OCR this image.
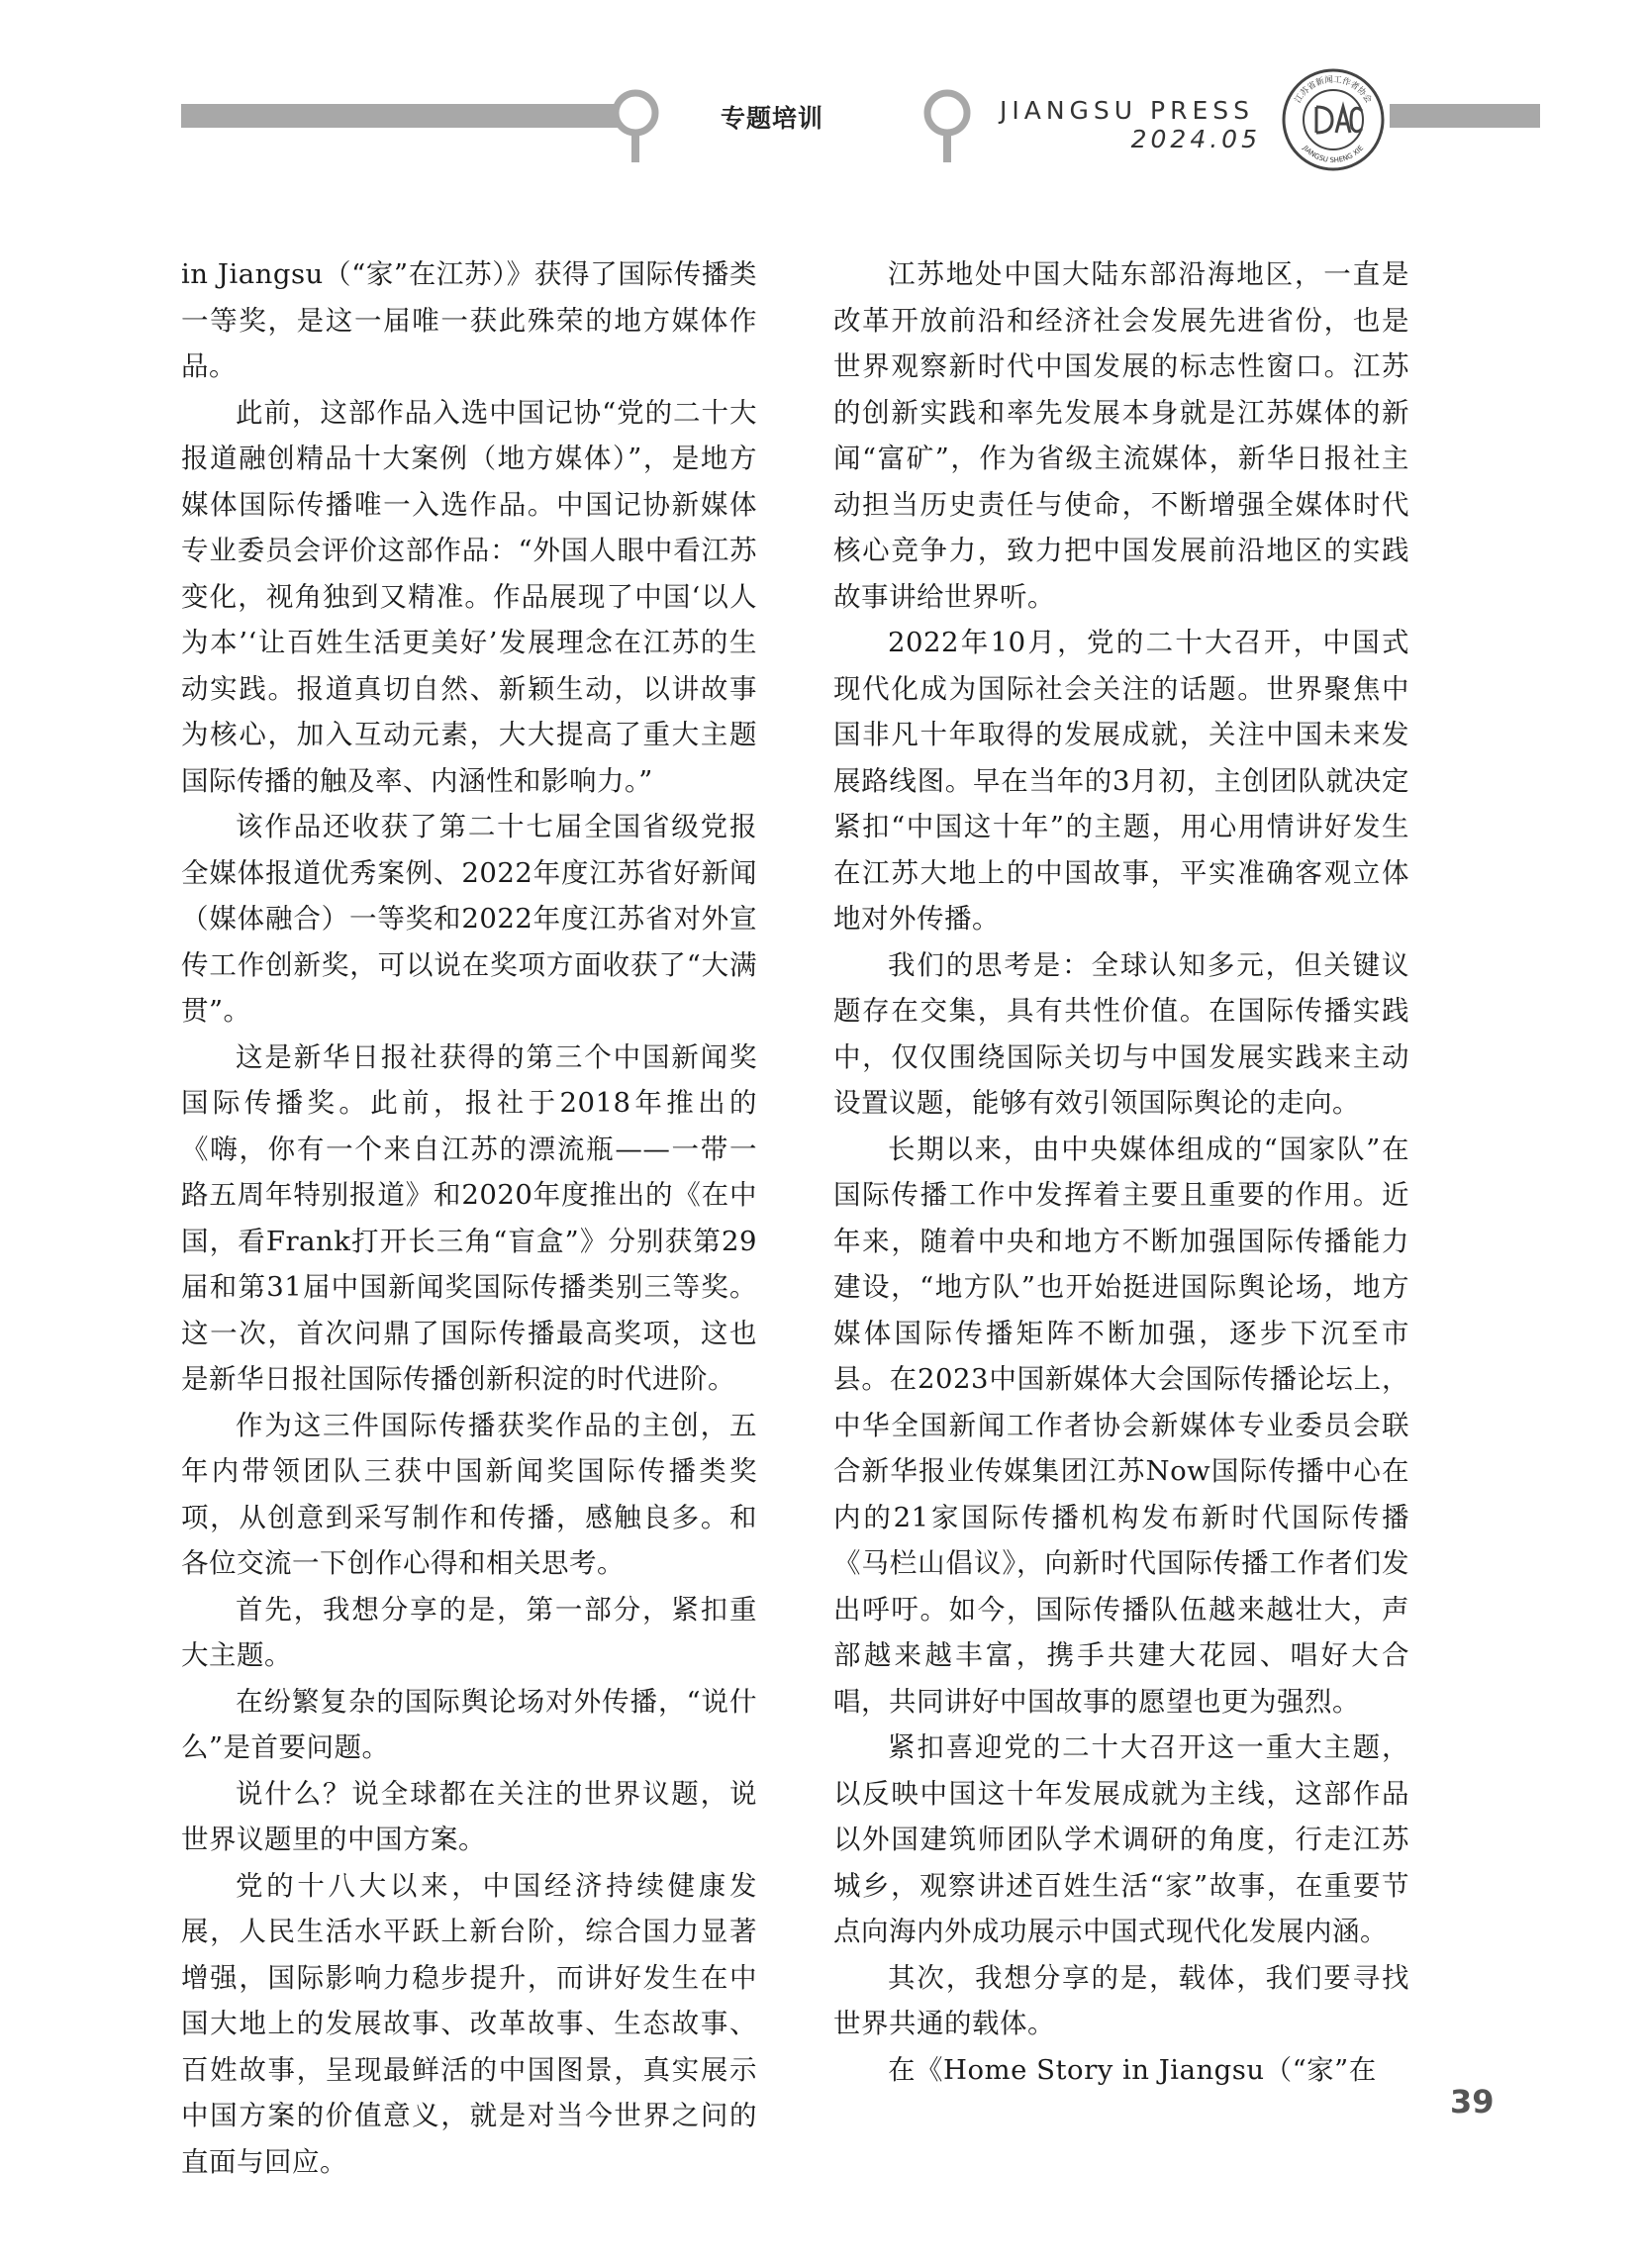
专题培训	JIANGSU PRESS
2024.05
江苏省新闻工作者协会
JIANGSU SHENG XIE

in Jiangsu（“家”在江苏）》获得了国际传播类一等奖，是这一届唯一获此殊荣的地方媒体作品。

此前，这部作品入选中国记协“党的二十大报道融创精品十大案例（地方媒体）”，是地方媒体国际传播唯一入选作品。中国记协新媒体专业委员会评价这部作品：“外国人眼中看江苏变化，视角独到又精准。作品展现了中国‘以人为本’‘让百姓生活更美好’发展理念在江苏的生动实践。报道真切自然、新颖生动，以讲故事为核心，加入互动元素，大大提高了重大主题国际传播的触及率、内涵性和影响力。”

该作品还收获了第二十七届全国省级党报全媒体报道优秀案例、2022年度江苏省好新闻（媒体融合）一等奖和2022年度江苏省对外宣传工作创新奖，可以说在奖项方面收获了“大满贯”。

这是新华日报社获得的第三个中国新闻奖国际传播奖。此前，报社于2018年推出的《嗨，你有一个来自江苏的漂流瓶——一带一路五周年特别报道》和2020年度推出的《在中国，看Frank打开长三角“盲盒”》分别获第29届和第31届中国新闻奖国际传播类别三等奖。这一次，首次问鼎了国际传播最高奖项，这也是新华日报社国际传播创新积淀的时代进阶。

作为这三件国际传播获奖作品的主创，五年内带领团队三获中国新闻奖国际传播类奖项，从创意到采写制作和传播，感触良多。和各位交流一下创作心得和相关思考。

首先，我想分享的是，第一部分，紧扣重大主题。

在纷繁复杂的国际舆论场对外传播，“说什么”是首要问题。

说什么？说全球都在关注的世界议题，说世界议题里的中国方案。

党的十八大以来，中国经济持续健康发展，人民生活水平跃上新台阶，综合国力显著增强，国际影响力稳步提升，而讲好发生在中国大地上的发展故事、改革故事、生态故事、百姓故事，呈现最鲜活的中国图景，真实展示中国方案的价值意义，就是对当今世界之问的直面与回应。

江苏地处中国大陆东部沿海地区，一直是改革开放前沿和经济社会发展先进省份，也是世界观察新时代中国发展的标志性窗口。江苏的创新实践和率先发展本身就是江苏媒体的新闻“富矿”，作为省级主流媒体，新华日报社主动担当历史责任与使命，不断增强全媒体时代核心竞争力，致力把中国发展前沿地区的实践故事讲给世界听。

2022年10月，党的二十大召开，中国式现代化成为国际社会关注的话题。世界聚焦中国非凡十年取得的发展成就，关注中国未来发展路线图。早在当年的3月初，主创团队就决定紧扣“中国这十年”的主题，用心用情讲好发生在江苏大地上的中国故事，平实准确客观立体地对外传播。

我们的思考是：全球认知多元，但关键议题存在交集，具有共性价值。在国际传播实践中，仅仅围绕国际关切与中国发展实践来主动设置议题，能够有效引领国际舆论的走向。

长期以来，由中央媒体组成的“国家队”在国际传播工作中发挥着主要且重要的作用。近年来，随着中央和地方不断加强国际传播能力建设，“地方队”也开始挺进国际舆论场，地方媒体国际传播矩阵不断加强，逐步下沉至市县。在2023中国新媒体大会国际传播论坛上，中华全国新闻工作者协会新媒体专业委员会联合新华报业传媒集团江苏Now国际传播中心在内的21家国际传播机构发布新时代国际传播《马栏山倡议》，向新时代国际传播工作者们发出呼吁。如今，国际传播队伍越来越壮大，声部越来越丰富，携手共建大花园、唱好大合唱，共同讲好中国故事的愿望也更为强烈。

紧扣喜迎党的二十大召开这一重大主题，以反映中国这十年发展成就为主线，这部作品以外国建筑师团队学术调研的角度，行走江苏城乡，观察讲述百姓生活“家”故事，在重要节点向海内外成功展示中国式现代化发展内涵。

其次，我想分享的是，载体，我们要寻找世界共通的载体。

在《Home Story in Jiangsu（“家”在

39
